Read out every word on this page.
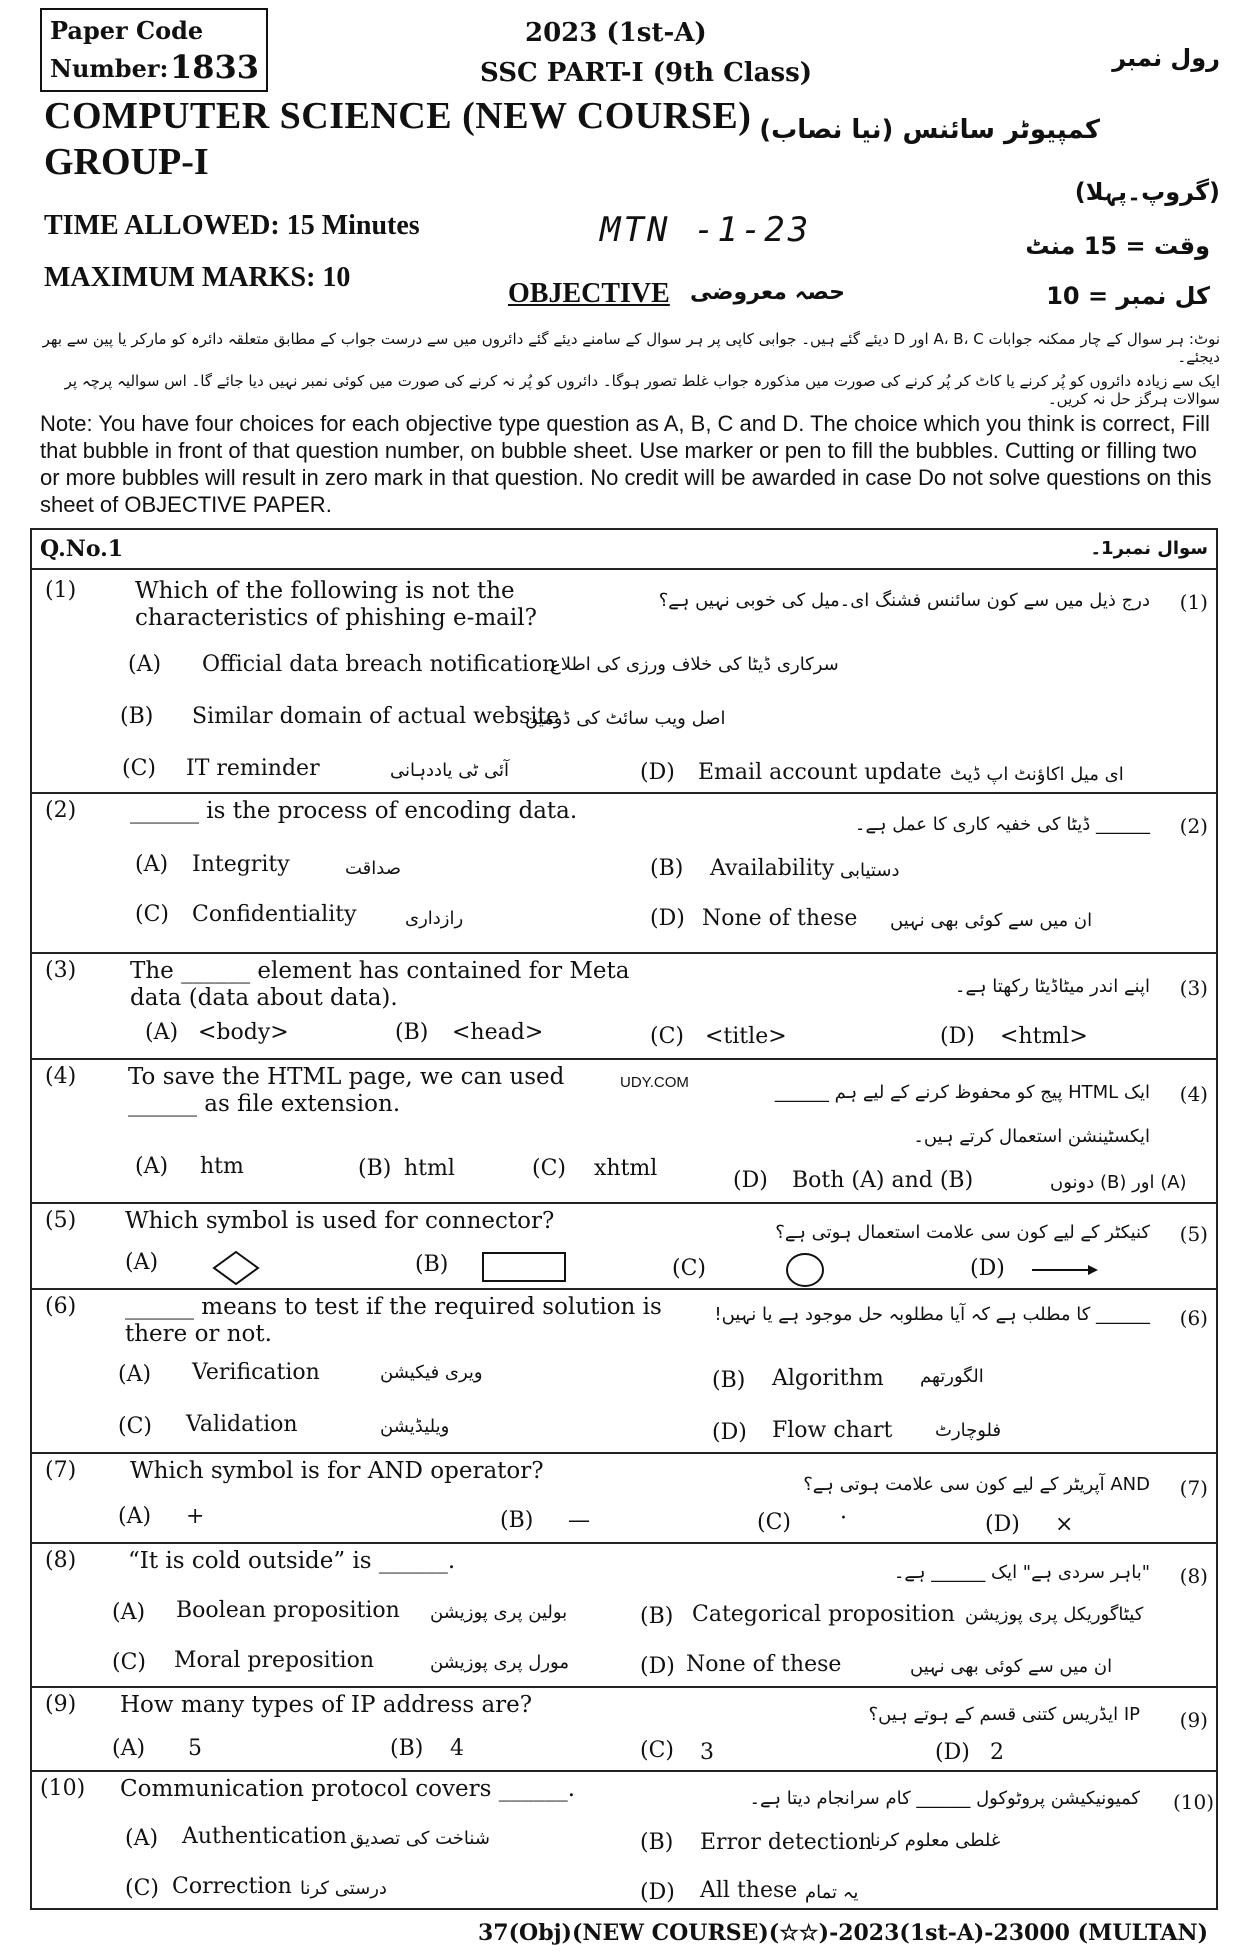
Paper Code
Number: 1833
2023 (1st-A)
SSC PART-I (9th Class)	رول نمبر
COMPUTER SCIENCE (NEW COURSE)
GROUP-I
کمپیوٹر سائنس (نیا نصاب)
(گروپ۔پہلا)
TIME ALLOWED: 15 Minutes	MTN -1-23	وقت = 15 منٹ
MAXIMUM MARKS: 10
OBJECTIVE حصہ معروضی	کل نمبر = 10
نوٹ: ہر سوال کے چار ممکنہ جوابات A، B، C اور D دیئے گئے ہیں۔ جوابی کاپی پر ہر سوال کے سامنے دیئے گئے دائروں میں سے درست جواب کے مطابق متعلقہ دائرہ کو مارکر یا پین سے بھر دیجئے۔
ایک سے زیادہ دائروں کو پُر کرنے یا کاٹ کر پُر کرنے کی صورت میں مذکورہ جواب غلط تصور ہوگا۔ دائروں کو پُر نہ کرنے کی صورت میں کوئی نمبر نہیں دیا جائے گا۔ اس سوالیہ پرچہ پر سوالات ہرگز حل نہ کریں۔
Note: You have four choices for each objective type question as A, B, C and D. The choice which you think is correct, Fill that bubble in front of that question number, on bubble sheet. Use marker or pen to fill the bubbles. Cutting or filling two or more bubbles will result in zero mark in that question. No credit will be awarded in case Do not solve questions on this sheet of OBJECTIVE PAPER.
Q.No.1	سوال نمبر1۔
(1)	Which of the following is not the characteristics of phishing e-mail?
درج ذیل میں سے کون سائنس فشنگ ای۔میل کی خوبی نہیں ہے؟ (1)
(A) Official data breach notification
سرکاری ڈیٹا کی خلاف ورزی کی اطلاع
(B) Similar domain of actual website
اصل ویب سائٹ کی ڈومین
(C) IT reminder	آئی ٹی یاددہانی	(D) Email account update ای میل اکاؤنٹ اپ ڈیٹ
(2) ______ is the process of encoding data.
______ ڈیٹا کی خفیہ کاری کا عمل ہے۔ (2)
(A) Integrity	صداقت	(B) Availability دستیابی
(C) Confidentiality	رازداری	(D) None of these ان میں سے کوئی بھی نہیں
(3) The ______ element has contained for Meta data (data about data).	اپنے اندر میٹاڈیٹا رکھتا ہے۔ (3)
(A) <body>	(B) <head>	(C) <title>	(D) <html>
(4) To save the HTML page, we can used ______ as file extension.
UDY.COM	ایک HTML پیج کو محفوظ کرنے کے لیے ہم ______ (4)
ایکسٹینشن استعمال کرتے ہیں۔
(A) htm	(B) html	(C) xhtml	(D) Both (A) and (B)	(A) اور (B) دونوں
(5) Which symbol is used for connector?	کنیکٹر کے لیے کون سی علامت استعمال ہوتی ہے؟ (5)
(A)	(B)	(C)	(D)
(6) ______ means to test if the required solution is there or not.
______ کا مطلب ہے کہ آیا مطلوبہ حل موجود ہے یا نہیں! (6)
(A) Verification	ویری فیکیشن	(B) Algorithm الگورتھم
(C) Validation	ویلیڈیشن	(D) Flow chart فلوچارٹ
(7) Which symbol is for AND operator?
AND آپریٹر کے لیے کون سی علامت ہوتی ہے؟ (7)
(A) +	(B) —	(C) ·	(D) ×
(8) “It is cold outside” is ______.	"باہر سردی ہے" ایک ______ ہے۔ (8)
(A) Boolean proposition بولین پری پوزیشن	(B) Categorical proposition کیٹاگوریکل پری پوزیشن
(C) Moral preposition	مورل پری پوزیشن	(D) None of these	ان میں سے کوئی بھی نہیں
(9) How many types of IP address are?	IP ایڈریس کتنی قسم کے ہوتے ہیں؟ (9)
(A) 5	(B) 4	(C) 3	(D) 2
(10) Communication protocol covers ______.	کمیونیکیشن پروٹوکول ______ کام سرانجام دیتا ہے۔ (10)
(A) Authentication شناخت کی تصدیق	(B) Error detection
غلطی معلوم کرنا
(C) Correction درستی کرنا	(D) All these یہ تمام
37(Obj)(NEW COURSE)(☆☆)-2023(1st-A)-23000 (MULTAN)
